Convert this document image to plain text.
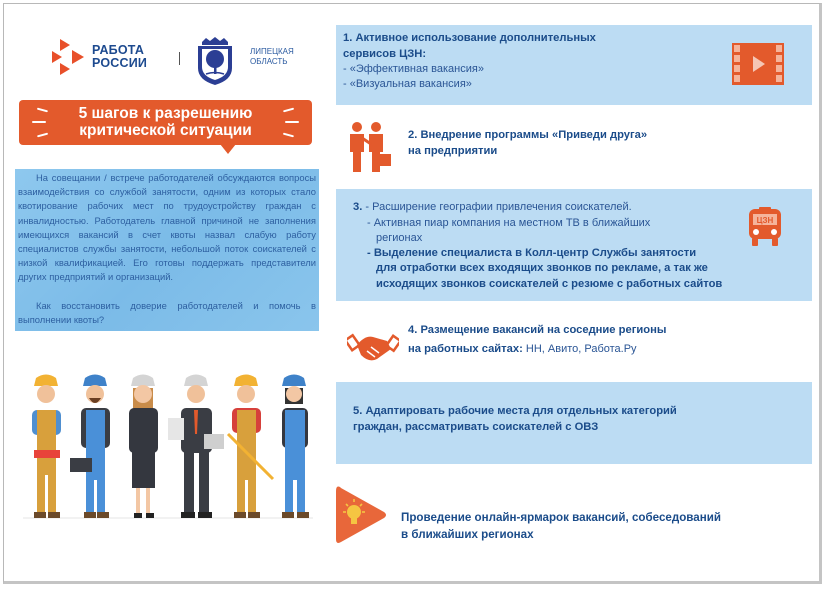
РАБОТА
РОССИИ
ЛИПЕЦКАЯ
ОБЛАСТЬ
5 шагов к разрешению
критической ситуации

На совещании / встрече работодателей обсуждаются вопросы взаимодействия со службой занятости, одним из которых стало квотирование рабочих мест по трудоустройству граждан с инвалидностью. Работодатель главной причиной не заполнения имеющихся вакансий в счет квоты назвал слабую работу специалистов службы занятости, небольшой поток соискателей с низкой квалификацией. Его готовы поддержать представители других предприятий и организаций.

Как восстановить доверие работодателей и помочь в выполнении квоты?

1. Активное использование дополнительных
сервисов ЦЗН:
- «Эффективная вакансия»
- «Визуальная вакансия»
2. Внедрение программы «Приведи друга»
на предприятии
3. - Расширение географии привлечения соискателей.
- Активная пиар компания на местном ТВ в ближайших
регионах
- Выделение специалиста в Колл-центр Службы занятости
для отработки всех входящих звонков по рекламе, а так же
исходящих звонков соискателей с резюме с работных сайтов
ЦЗН
4. Размещение вакансий на соседние регионы
на работных сайтах: НН, Авито, Работа.Ру
5. Адаптировать рабочие места для отдельных категорий
граждан, рассматривать соискателей с ОВЗ
Проведение онлайн-ярмарок вакансий, собеседований
в ближайших регионах
